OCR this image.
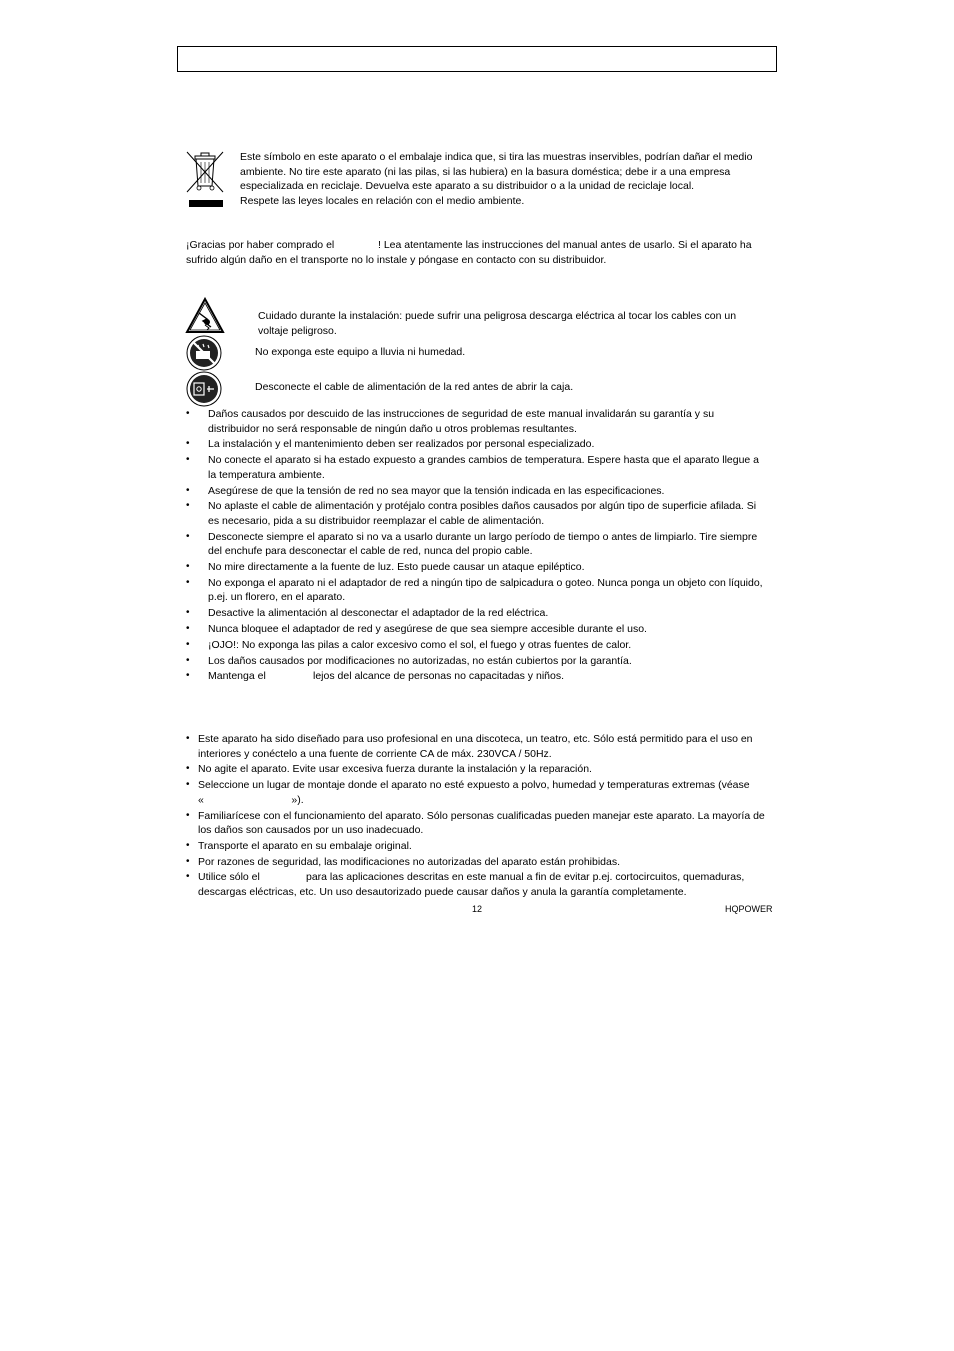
Este símbolo en este aparato o el embalaje indica que, si tira las muestras inservibles, podrían dañar el medio
ambiente. No tire este aparato (ni las pilas, si las hubiera) en la basura doméstica; debe ir a una empresa
especializada en reciclaje. Devuelva este aparato a su distribuidor o a la unidad de reciclaje local.
Respete las leyes locales en relación con el medio ambiente.
¡Gracias por haber comprado el	! Lea atentamente las instrucciones del manual antes de usarlo. Si el aparato ha
sufrido algún daño en el transporte no lo instale y póngase en contacto con su distribuidor.
Cuidado durante la instalación: puede sufrir una peligrosa descarga eléctrica al tocar los cables con un
voltaje peligroso.
No exponga este equipo a lluvia ni humedad.
Desconecte el cable de alimentación de la red antes de abrir la caja.
• Daños causados por descuido de las instrucciones de seguridad de este manual invalidarán su garantía y su
distribuidor no será responsable de ningún daño u otros problemas resultantes.
• La instalación y el mantenimiento deben ser realizados por personal especializado.
• No conecte el aparato si ha estado expuesto a grandes cambios de temperatura. Espere hasta que el aparato llegue a
la temperatura ambiente.
• Asegúrese de que la tensión de red no sea mayor que la tensión indicada en las especificaciones.
• No aplaste el cable de alimentación y protéjalo contra posibles daños causados por algún tipo de superficie afilada. Si
es necesario, pida a su distribuidor reemplazar el cable de alimentación.
• Desconecte siempre el aparato si no va a usarlo durante un largo período de tiempo o antes de limpiarlo. Tire siempre
del enchufe para desconectar el cable de red, nunca del propio cable.
• No mire directamente a la fuente de luz. Esto puede causar un ataque epiléptico.
• No exponga el aparato ni el adaptador de red a ningún tipo de salpicadura o goteo. Nunca ponga un objeto con líquido,
p.ej. un florero, en el aparato.
• Desactive la alimentación al desconectar el adaptador de la red eléctrica.
• Nunca bloquee el adaptador de red y asegúrese de que sea siempre accesible durante el uso.
• ¡OJO!: No exponga las pilas a calor excesivo como el sol, el fuego y otras fuentes de calor.
• Los daños causados por modificaciones no autorizadas, no están cubiertos por la garantía.
• Mantenga el	lejos del alcance de personas no capacitadas y niños.
• Este aparato ha sido diseñado para uso profesional en una discoteca, un teatro, etc. Sólo está permitido para el uso en
interiores y conéctelo a una fuente de corriente CA de máx. 230VCA / 50Hz.
• No agite el aparato. Evite usar excesiva fuerza durante la instalación y la reparación.
• Seleccione un lugar de montaje donde el aparato no esté expuesto a polvo, humedad y temperaturas extremas (véase
«                              »).
• Familiarícese con el funcionamiento del aparato. Sólo personas cualificadas pueden manejar este aparato. La mayoría de
los daños son causados por un uso inadecuado.
• Transporte el aparato en su embalaje original.
• Por razones de seguridad, las modificaciones no autorizadas del aparato están prohibidas.
• Utilice sólo el	para las aplicaciones descritas en este manual a fin de evitar p.ej. cortocircuitos, quemaduras,
descargas eléctricas, etc. Un uso desautorizado puede causar daños y anula la garantía completamente.
12	HQPOWER
